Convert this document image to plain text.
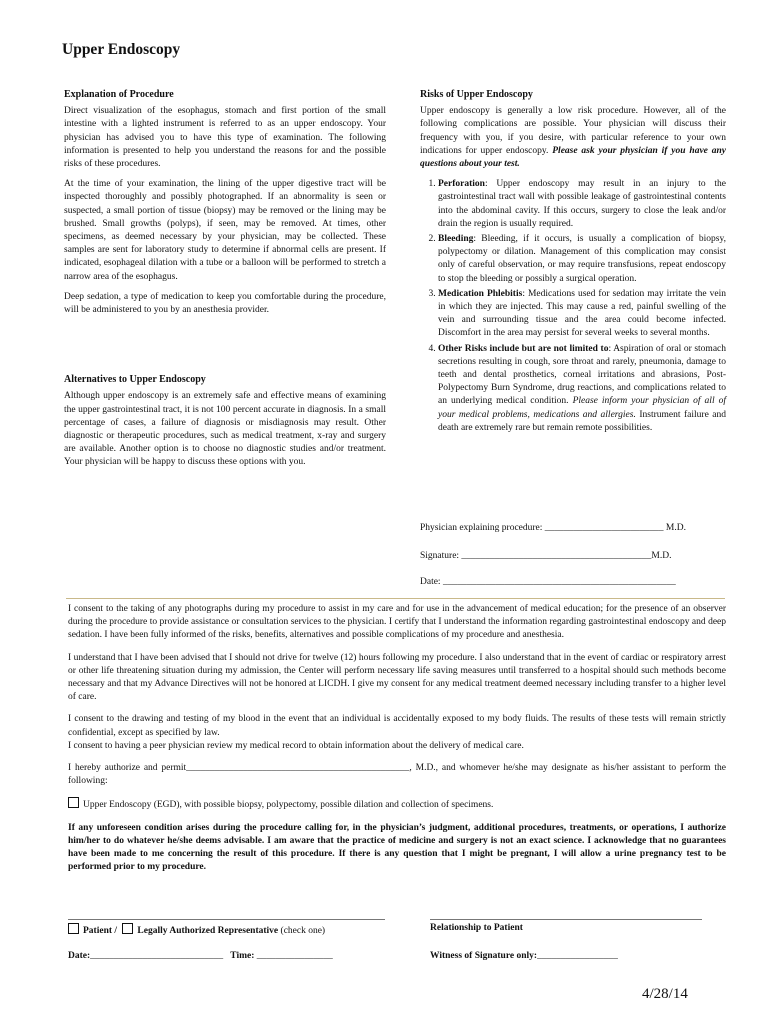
Upper Endoscopy
Explanation of Procedure

Direct visualization of the esophagus, stomach and first portion of the small intestine with a lighted instrument is referred to as an upper endoscopy. Your physician has advised you to have this type of examination. The following information is presented to help you understand the reasons for and the possible risks of these procedures.

At the time of your examination, the lining of the upper digestive tract will be inspected thoroughly and possibly photographed. If an abnormality is seen or suspected, a small portion of tissue (biopsy) may be removed or the lining may be brushed. Small growths (polyps), if seen, may be removed. At times, other specimens, as deemed necessary by your physician, may be collected. These samples are sent for laboratory study to determine if abnormal cells are present. If indicated, esophageal dilation with a tube or a balloon will be performed to stretch a narrow area of the esophagus.

Deep sedation, a type of medication to keep you comfortable during the procedure, will be administered to you by an anesthesia provider.

Alternatives to Upper Endoscopy

Although upper endoscopy is an extremely safe and effective means of examining the upper gastrointestinal tract, it is not 100 percent accurate in diagnosis. In a small percentage of cases, a failure of diagnosis or misdiagnosis may result. Other diagnostic or therapeutic procedures, such as medical treatment, x-ray and surgery are available. Another option is to choose no diagnostic studies and/or treatment. Your physician will be happy to discuss these options with you.

Risks of Upper Endoscopy

Upper endoscopy is generally a low risk procedure. However, all of the following complications are possible. Your physician will discuss their frequency with you, if you desire, with particular reference to your own indications for upper endoscopy. Please ask your physician if you have any questions about your test.

1. Perforation: Upper endoscopy may result in an injury to the gastrointestinal tract wall with possible leakage of gastrointestinal contents into the abdominal cavity. If this occurs, surgery to close the leak and/or drain the region is usually required.
2. Bleeding: Bleeding, if it occurs, is usually a complication of biopsy, polypectomy or dilation. Management of this complication may consist only of careful observation, or may require transfusions, repeat endoscopy to stop the bleeding or possibly a surgical operation.
3. Medication Phlebitis: Medications used for sedation may irritate the vein in which they are injected. This may cause a red, painful swelling of the vein and surrounding tissue and the area could become infected. Discomfort in the area may persist for several weeks to several months.
4. Other Risks include but are not limited to: Aspiration of oral or stomach secretions resulting in cough, sore throat and rarely, pneumonia, damage to teeth and dental prosthetics, corneal irritations and abrasions, Post-Polypectomy Burn Syndrome, drug reactions, and complications related to an underlying medical condition. Please inform your physician of all of your medical problems, medications and allergies. Instrument failure and death are extremely rare but remain remote possibilities.
Physician explaining procedure: _________________________ M.D.
Signature: ________________________________________M.D.
Date: _________________________________________________

I consent to the taking of any photographs during my procedure to assist in my care and for use in the advancement of medical education; for the presence of an observer during the procedure to provide assistance or consultation services to the physician. I certify that I understand the information regarding gastrointestinal endoscopy and deep sedation. I have been fully informed of the risks, benefits, alternatives and possible complications of my procedure and anesthesia.

I understand that I have been advised that I should not drive for twelve (12) hours following my procedure. I also understand that in the event of cardiac or respiratory arrest or other life threatening situation during my admission, the Center will perform necessary life saving measures until transferred to a hospital should such methods become necessary and that my Advance Directives will not be honored at LICDH. I give my consent for any medical treatment deemed necessary including transfer to a higher level of care.

I consent to the drawing and testing of my blood in the event that an individual is accidentally exposed to my body fluids. The results of these tests will remain strictly confidential, except as specified by law.

I consent to having a peer physician review my medical record to obtain information about the delivery of medical care.

I hereby authorize and permit_______________________________________________, M.D., and whomever he/she may designate as his/her assistant to perform the following:

Upper Endoscopy (EGD), with possible biopsy, polypectomy, possible dilation and collection of specimens.

If any unforeseen condition arises during the procedure calling for, in the physician’s judgment, additional procedures, treatments, or operations, I authorize him/her to do whatever he/she deems advisable. I am aware that the practice of medicine and surgery is not an exact science. I acknowledge that no guarantees have been made to me concerning the result of this procedure. If there is any question that I might be pregnant, I will allow a urine pregnancy test to be performed prior to my procedure.

Patient / Legally Authorized Representative (check one)	Relationship to Patient
Date:____________________________ Time: ________________	Witness of Signature only:_________________
4/28/14
